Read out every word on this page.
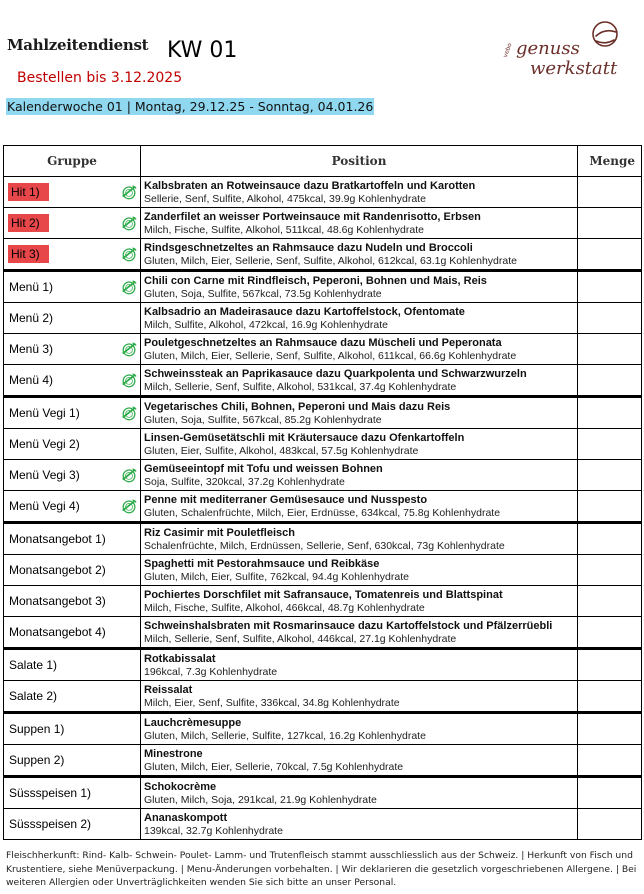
Mahlzeitendienst KW 01
Bestellen bis 3.12.2025
Kalenderwoche 01 | Montag, 29.12.25 - Sonntag, 04.01.26
vebo genuss
werkstatt
Gruppe	Position	Menge
Hit 1)	Kalbsbraten an Rotweinsauce dazu Bratkartoffeln und Karotten
Sellerie, Senf, Sulfite, Alkohol, 475kcal, 39.9g Kohlenhydrate	

Hit 2)	Zanderfilet an weisser Portweinsauce mit Randenrisotto, Erbsen
Milch, Fische, Sulfite, Alkohol, 511kcal, 48.6g Kohlenhydrate	

Hit 3)	Rindsgeschnetzeltes an Rahmsauce dazu Nudeln und Broccoli
Gluten, Milch, Eier, Sellerie, Senf, Sulfite, Alkohol, 612kcal, 63.1g Kohlenhydrate	

Menü 1)	Chili con Carne mit Rindfleisch, Peperoni, Bohnen und Mais, Reis
Gluten, Soja, Sulfite, 567kcal, 73.5g Kohlenhydrate	

Menü 2)	Kalbsadrio an Madeirasauce dazu Kartoffelstock, Ofentomate
Milch, Sulfite, Alkohol, 472kcal, 16.9g Kohlenhydrate	

Menü 3)	Pouletgeschnetzeltes an Rahmsauce dazu Müscheli und Peperonata
Gluten, Milch, Eier, Sellerie, Senf, Sulfite, Alkohol, 611kcal, 66.6g Kohlenhydrate	

Menü 4)	Schweinssteak an Paprikasauce dazu Quarkpolenta und Schwarzwurzeln
Milch, Sellerie, Senf, Sulfite, Alkohol, 531kcal, 37.4g Kohlenhydrate	

Menü Vegi 1)	Vegetarisches Chili, Bohnen, Peperoni und Mais dazu Reis
Gluten, Soja, Sulfite, 567kcal, 85.2g Kohlenhydrate	

Menü Vegi 2)	Linsen-Gemüsetätschli mit Kräutersauce dazu Ofenkartoffeln
Gluten, Eier, Sulfite, Alkohol, 483kcal, 57.5g Kohlenhydrate	

Menü Vegi 3)	Gemüseeintopf mit Tofu und weissen Bohnen
Soja, Sulfite, 320kcal, 37.2g Kohlenhydrate	

Menü Vegi 4)	Penne mit mediterraner Gemüsesauce und Nusspesto
Gluten, Schalenfrüchte, Milch, Eier, Erdnüsse, 634kcal, 75.8g Kohlenhydrate	

Monatsangebot 1)	Riz Casimir mit Pouletfleisch
Schalenfrüchte, Milch, Erdnüssen, Sellerie, Senf, 630kcal, 73g Kohlenhydrate	

Monatsangebot 2)	Spaghetti mit Pestorahmsauce und Reibkäse
Gluten, Milch, Eier, Sulfite, 762kcal, 94.4g Kohlenhydrate	

Monatsangebot 3)	Pochiertes Dorschfilet mit Safransauce, Tomatenreis und Blattspinat
Milch, Fische, Sulfite, Alkohol, 466kcal, 48.7g Kohlenhydrate	

Monatsangebot 4)	Schweinshalsbraten mit Rosmarinsauce dazu Kartoffelstock und Pfälzerrüebli
Milch, Sellerie, Senf, Sulfite, Alkohol, 446kcal, 27.1g Kohlenhydrate	

Salate 1)	Rotkabissalat
196kcal, 7.3g Kohlenhydrate	

Salate 2)	Reissalat
Milch, Eier, Senf, Sulfite, 336kcal, 34.8g Kohlenhydrate	

Suppen 1)	Lauchcrèmesuppe
Gluten, Milch, Sellerie, Sulfite, 127kcal, 16.2g Kohlenhydrate	

Suppen 2)	Minestrone
Gluten, Milch, Eier, Sellerie, 70kcal, 7.5g Kohlenhydrate	

Süssspeisen 1)	Schokocrème
Gluten, Milch, Soja, 291kcal, 21.9g Kohlenhydrate	

Süssspeisen 2)	Ananaskompott
139kcal, 32.7g Kohlenhydrate	

Fleischherkunft: Rind- Kalb- Schwein- Poulet- Lamm- und Trutenfleisch stammt ausschliesslich aus der Schweiz. | Herkunft von Fisch und Krustentiere, siehe Menüverpackung. | Menu-Änderungen vorbehalten. | Wir deklarieren die gesetzlich vorgeschriebenen Allergene. | Bei weiteren Allergien oder Unverträglichkeiten wenden Sie sich bitte an unser Personal.
